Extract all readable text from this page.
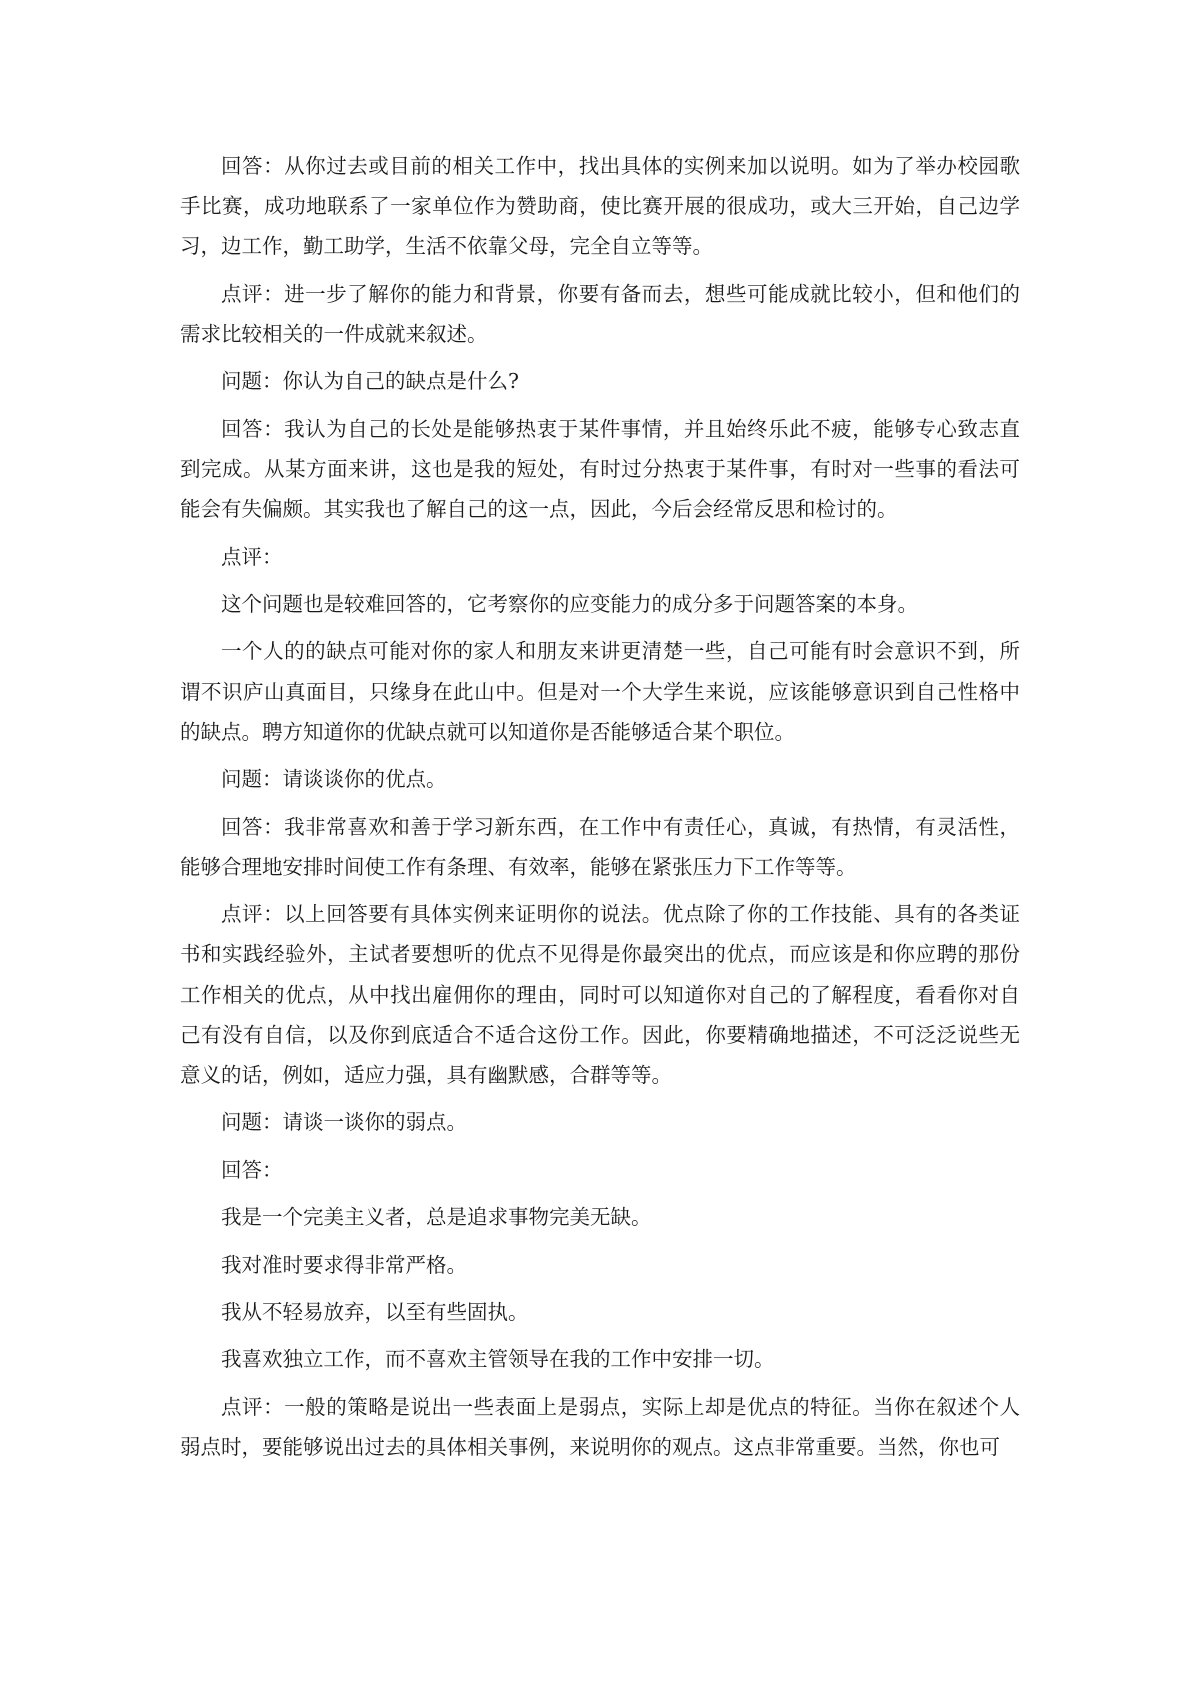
回答：从你过去或目前的相关工作中，找出具体的实例来加以说明。如为了举办校园歌手比赛，成功地联系了一家单位作为赞助商，使比赛开展的很成功，或大三开始，自己边学习，边工作，勤工助学，生活不依靠父母，完全自立等等。

点评：进一步了解你的能力和背景，你要有备而去，想些可能成就比较小，但和他们的需求比较相关的一件成就来叙述。

问题：你认为自己的缺点是什么?

回答：我认为自己的长处是能够热衷于某件事情，并且始终乐此不疲，能够专心致志直到完成。从某方面来讲，这也是我的短处，有时过分热衷于某件事，有时对一些事的看法可能会有失偏颇。其实我也了解自己的这一点，因此，今后会经常反思和检讨的。

点评：

这个问题也是较难回答的，它考察你的应变能力的成分多于问题答案的本身。

一个人的的缺点可能对你的家人和朋友来讲更清楚一些，自己可能有时会意识不到，所谓不识庐山真面目，只缘身在此山中。但是对一个大学生来说，应该能够意识到自己性格中的缺点。聘方知道你的优缺点就可以知道你是否能够适合某个职位。

问题：请谈谈你的优点。

回答：我非常喜欢和善于学习新东西，在工作中有责任心，真诚，有热情，有灵活性，能够合理地安排时间使工作有条理、有效率，能够在紧张压力下工作等等。

点评：以上回答要有具体实例来证明你的说法。优点除了你的工作技能、具有的各类证书和实践经验外，主试者要想听的优点不见得是你最突出的优点，而应该是和你应聘的那份工作相关的优点，从中找出雇佣你的理由，同时可以知道你对自己的了解程度，看看你对自己有没有自信，以及你到底适合不适合这份工作。因此，你要精确地描述，不可泛泛说些无意义的话，例如，适应力强，具有幽默感，合群等等。

问题：请谈一谈你的弱点。

回答：

我是一个完美主义者，总是追求事物完美无缺。

我对准时要求得非常严格。

我从不轻易放弃，以至有些固执。

我喜欢独立工作，而不喜欢主管领导在我的工作中安排一切。

点评：一般的策略是说出一些表面上是弱点，实际上却是优点的特征。当你在叙述个人弱点时，要能够说出过去的具体相关事例，来说明你的观点。这点非常重要。当然，你也可
